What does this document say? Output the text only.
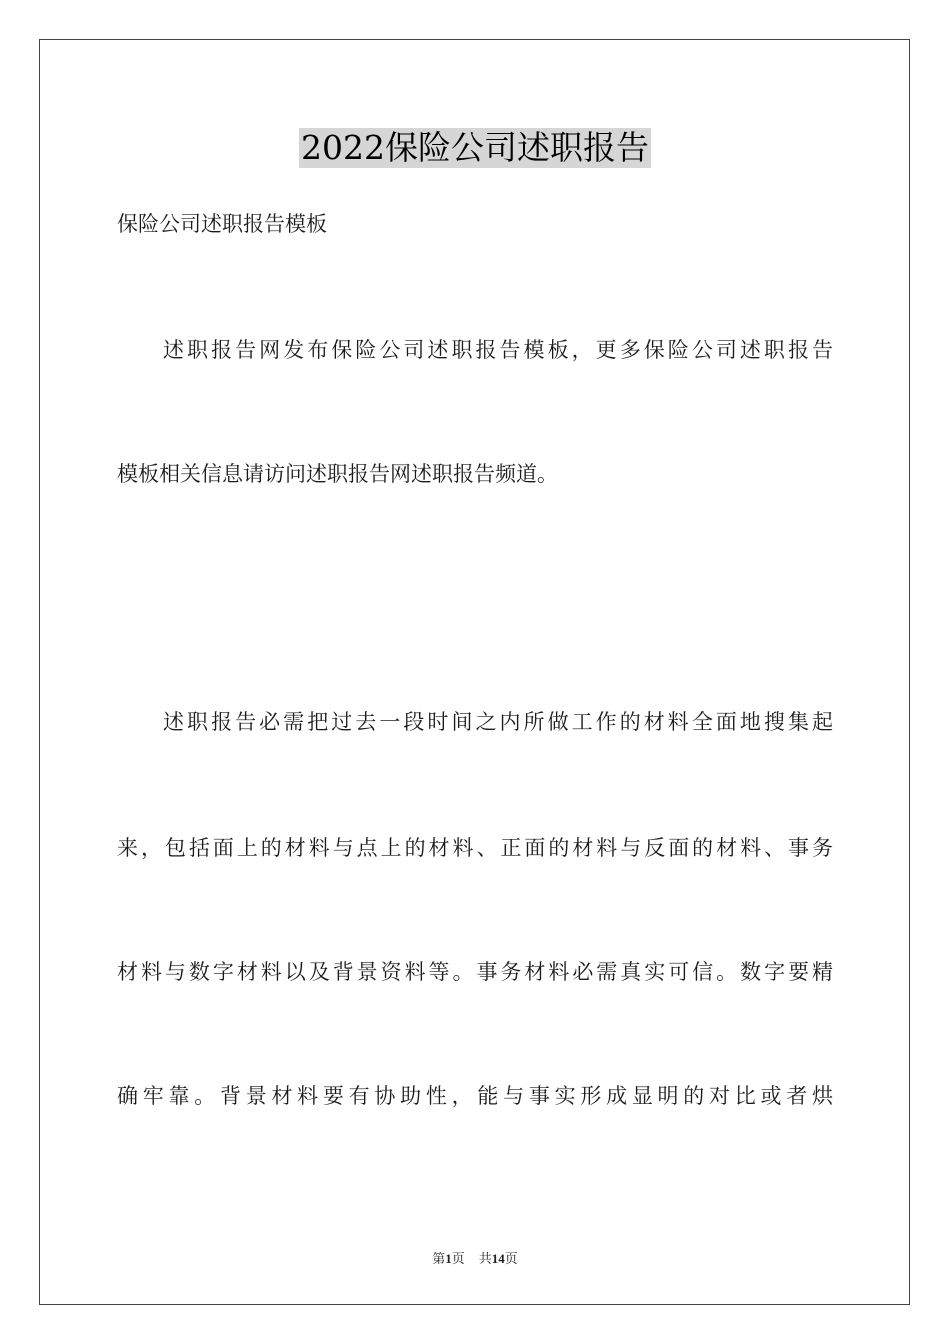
2022保险公司述职报告
保险公司述职报告模板
述职报告网发布保险公司述职报告模板，更多保险公司述职报告
模板相关信息请访问述职报告网述职报告频道。
述职报告必需把过去一段时间之内所做工作的材料全面地搜集起
来，包括面上的材料与点上的材料、正面的材料与反面的材料、事务
材料与数字材料以及背景资料等。事务材料必需真实可信。数字要精
确牢靠。背景材料要有协助性，能与事实形成显明的对比或者烘
第1页 共14页
